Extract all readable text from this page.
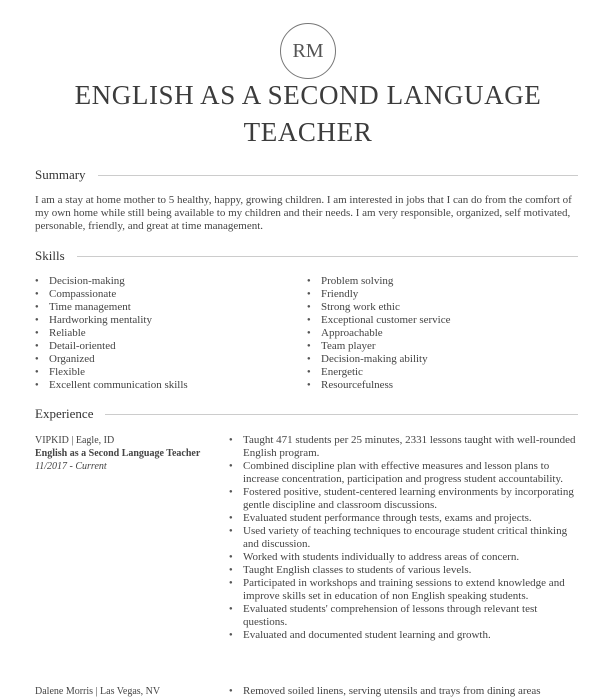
RM
ENGLISH AS A SECOND LANGUAGE
TEACHER
Summary
I am a stay at home mother to 5 healthy, happy, growing children. I am interested in jobs that I can do from the comfort of my own home while still being available to my children and their needs. I am very responsible, organized, self motivated, personable, friendly, and great at time management.
Skills
● Decision-making
● Compassionate
● Time management
● Hardworking mentality
● Reliable
● Detail-oriented
● Organized
● Flexible
● Excellent communication skills
● Problem solving
● Friendly
● Strong work ethic
● Exceptional customer service
● Approachable
● Team player
● Decision-making ability
● Energetic
● Resourcefulness
Experience
VIPKID | Eagle, ID
English as a Second Language Teacher
11/2017 - Current
● Taught 471 students per 25 minutes, 2331 lessons taught with well-rounded English program.
● Combined discipline plan with effective measures and lesson plans to increase concentration, participation and progress student accountability.
● Fostered positive, student-centered learning environments by incorporating gentle discipline and classroom discussions.
● Evaluated student performance through tests, exams and projects.
● Used variety of teaching techniques to encourage student critical thinking and discussion.
● Worked with students individually to address areas of concern.
● Taught English classes to students of various levels.
● Participated in workshops and training sessions to extend knowledge and improve skills set in education of non English speaking students.
● Evaluated students' comprehension of lessons through relevant test questions.
● Evaluated and documented student learning and growth.
Dalene Morris | Las Vegas, NV
●	Removed soiled linens, serving utensils and trays from dining areas
